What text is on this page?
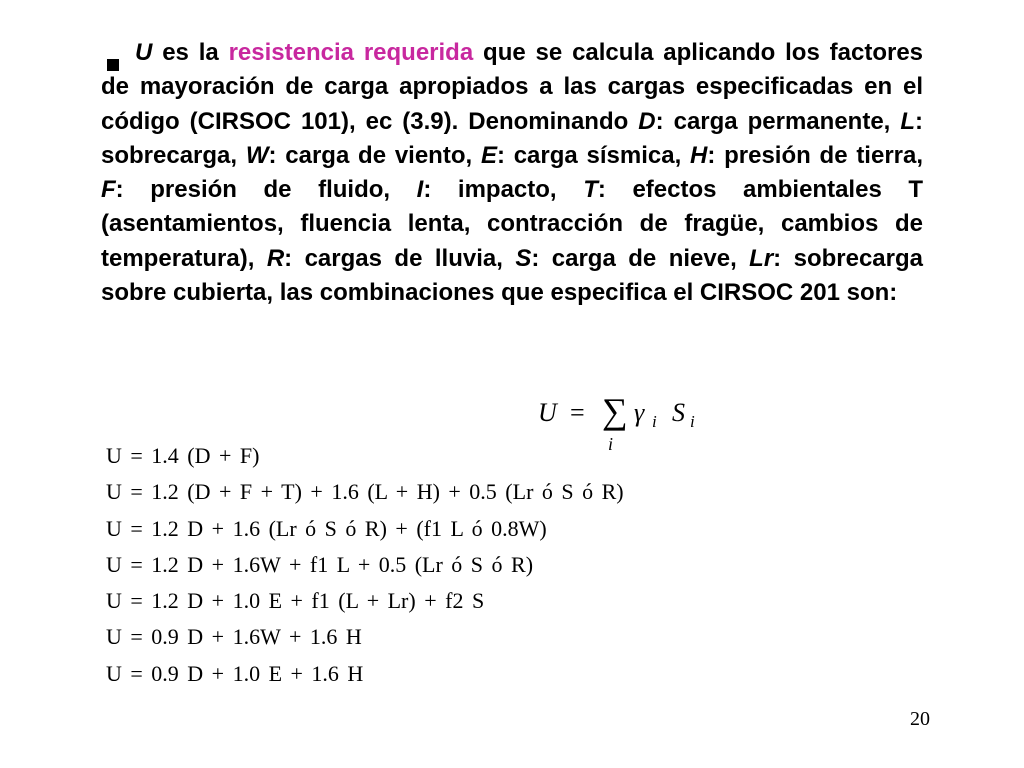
U es la resistencia requerida que se calcula aplicando los factores de mayoración de carga apropiados a las cargas especificadas en el código (CIRSOC 101), ec (3.9). Denominando D: carga permanente, L: sobrecarga, W: carga de viento, E: carga sísmica, H: presión de tierra, F: presión de fluido, I: impacto, T: efectos ambientales T (asentamientos, fluencia lenta, contracción de fragüe, cambios de temperatura), R: cargas de lluvia, S: carga de nieve, Lr: sobrecarga sobre cubierta, las combinaciones que especifica el CIRSOC 201 son:

U = ∑
i
γ i S i
U = 1.4 (D + F)
U = 1.2 (D + F + T) + 1.6 (L + H) + 0.5 (Lr ó S ó R)
U = 1.2 D + 1.6 (Lr ó S ó R) + (f1 L ó 0.8W)
U = 1.2 D + 1.6W + f1 L + 0.5 (Lr ó S ó R)
U = 1.2 D + 1.0 E + f1 (L + Lr) + f2 S
U = 0.9 D + 1.6W + 1.6 H
U = 0.9 D + 1.0 E + 1.6 H
20
